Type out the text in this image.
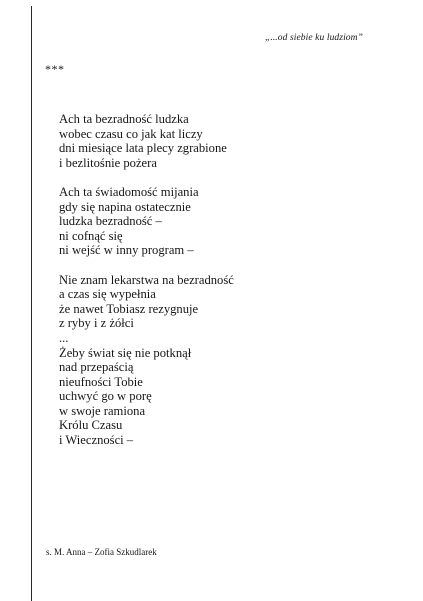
„...od siebie ku ludziom”
***
Ach ta bezradność ludzka
wobec czasu co jak kat liczy
dni miesiące lata plecy zgrabione
i bezlitośnie pożera
Ach ta świadomość mijania
gdy się napina ostatecznie
ludzka bezradność –
ni cofnąć się
ni wejść w inny program –
Nie znam lekarstwa na bezradność
a czas się wypełnia
że nawet Tobiasz rezygnuje
z ryby i z żółci
...
Żeby świat się nie potknął
nad przepaścią
nieufności Tobie
uchwyć go w porę
w swoje ramiona
Królu Czasu
i Wieczności –
s. M. Anna – Zofia Szkudlarek
